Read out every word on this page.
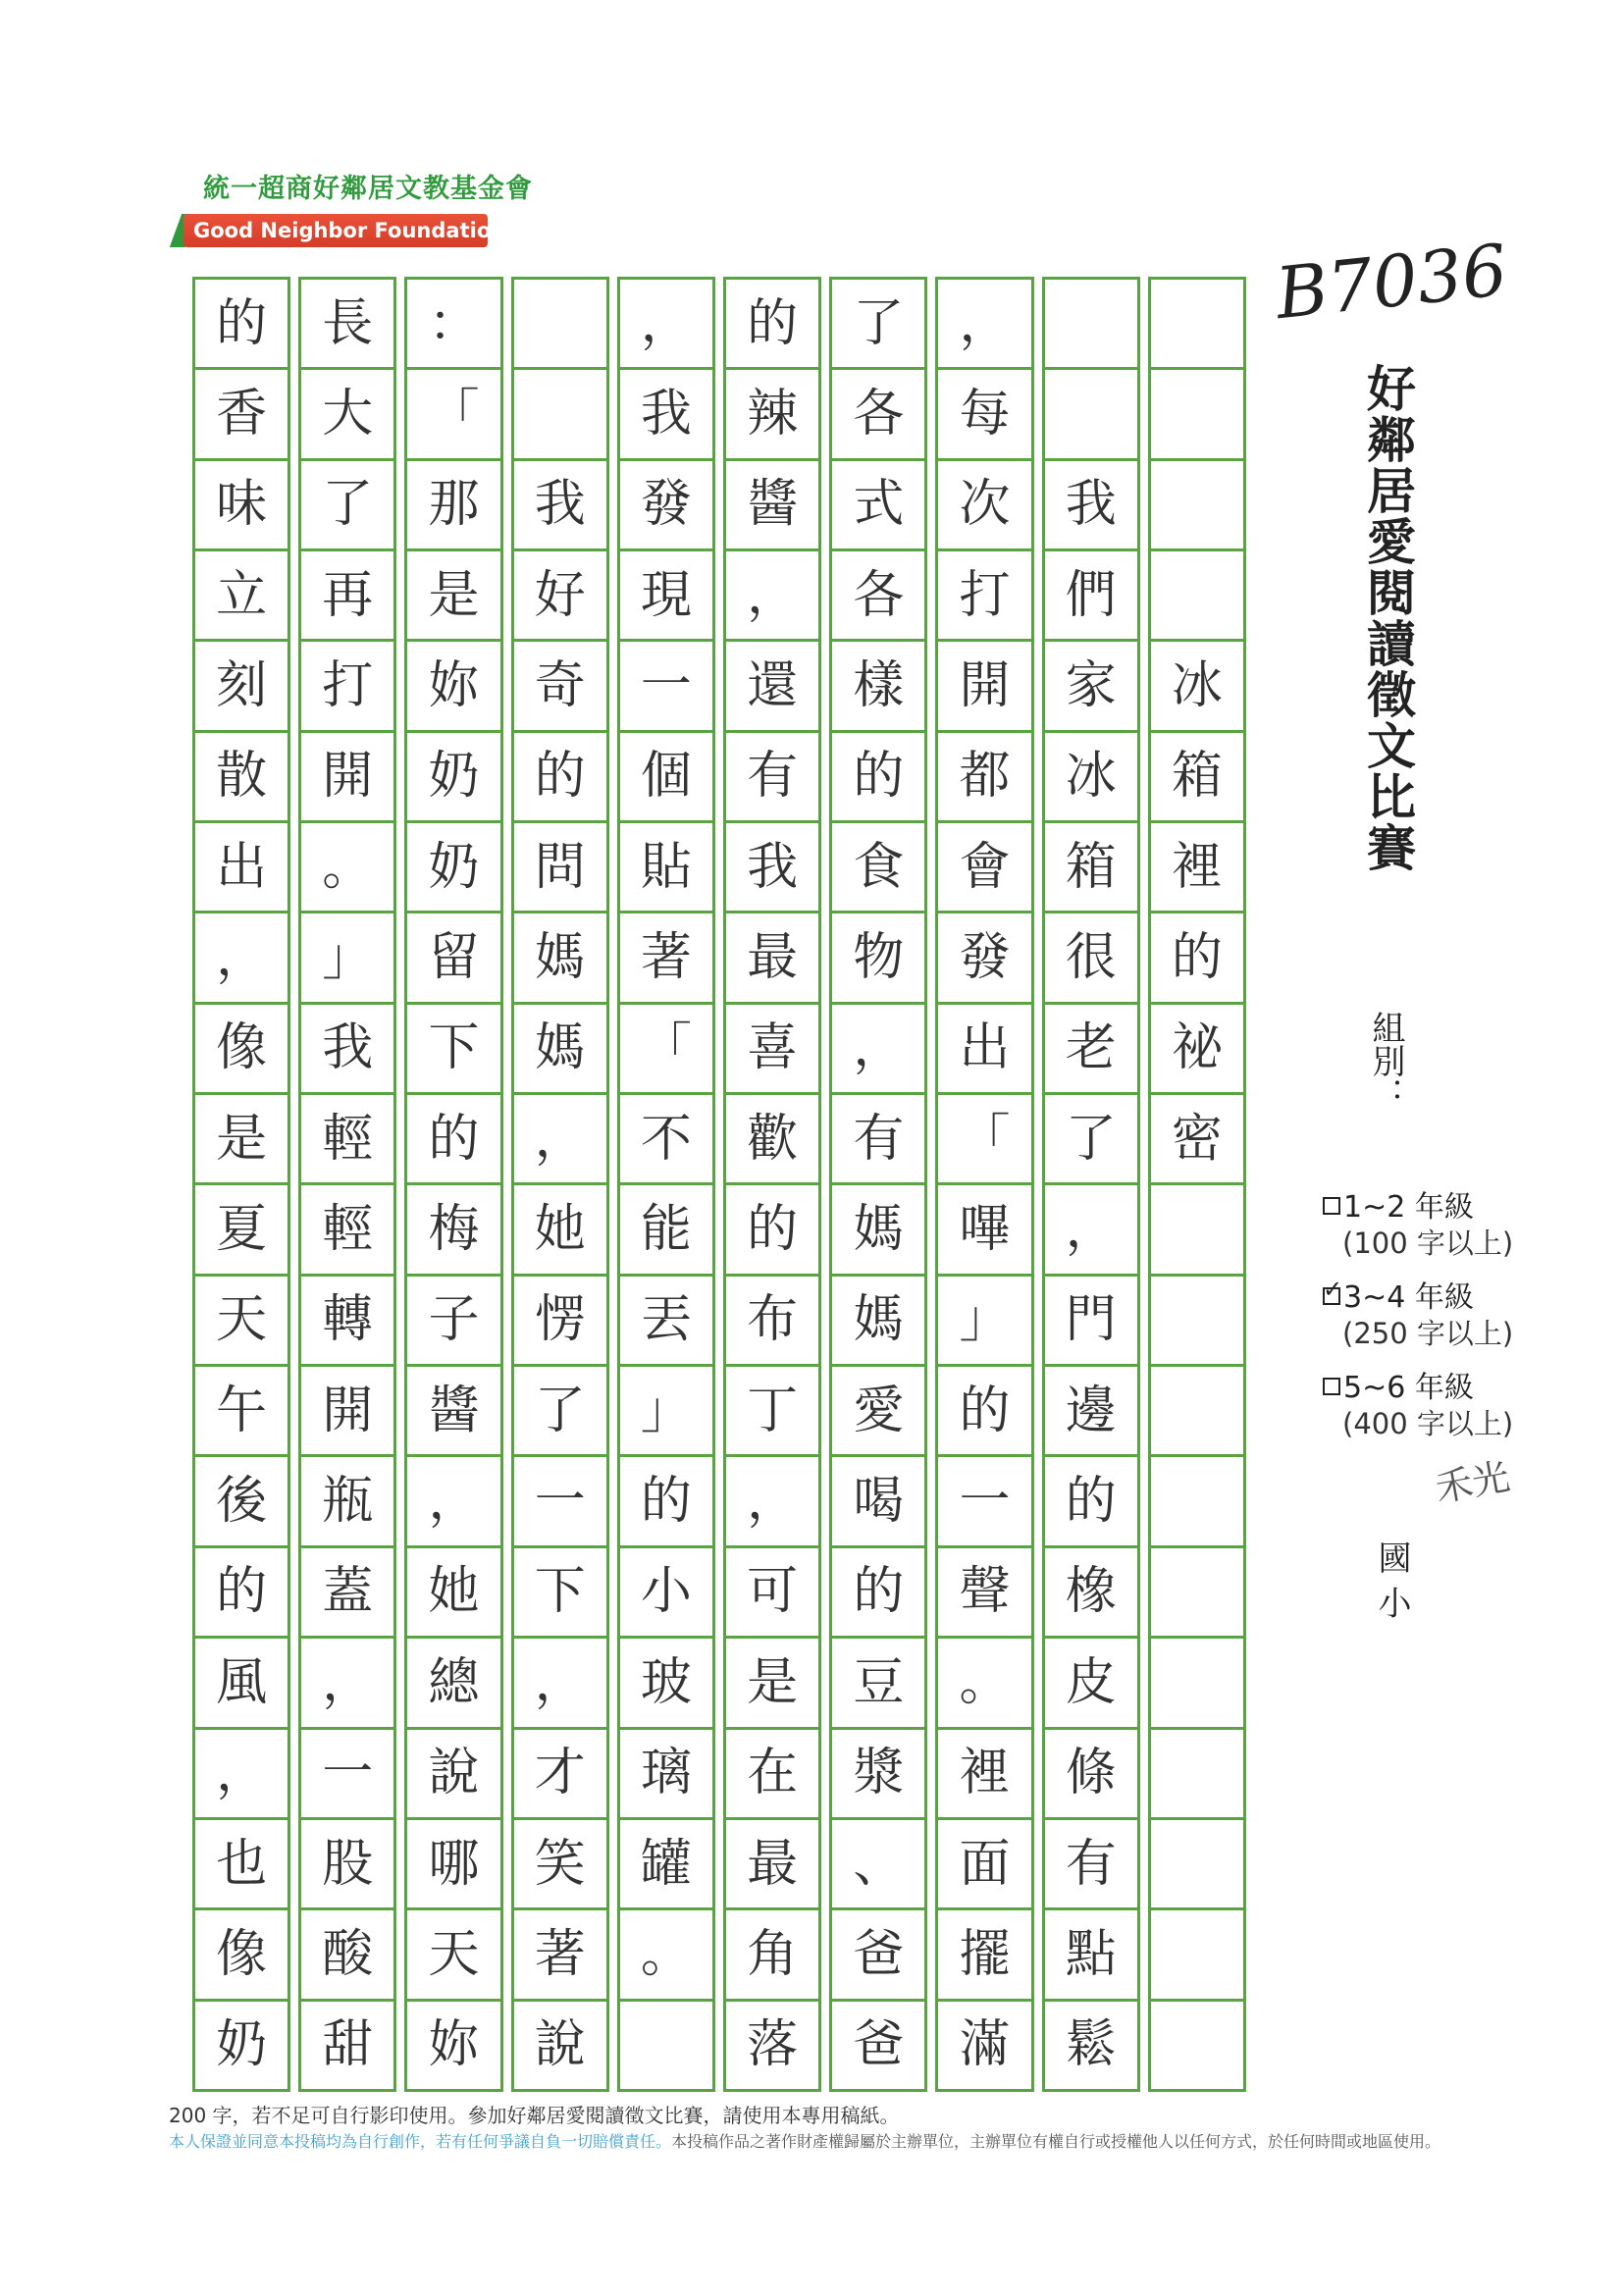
統一超商好鄰居文教基金會
Good Neighbor Foundation
的
香
味
立
刻
散
出
，
像
是
夏
天
午
後
的
風
，
也
像
奶
長
大
了
再
打
開
。
」
我
輕
輕
轉
開
瓶
蓋
，
一
股
酸
甜
：
「
那
是
妳
奶
奶
留
下
的
梅
子
醬
，
她
總
說
哪
天
妳
我
好
奇
的
問
媽
媽
，
她
愣
了
一
下
，
才
笑
著
說
，
我
發
現
一
個
貼
著
「
不
能
丟
」
的
小
玻
璃
罐
。
的
辣
醬
，
還
有
我
最
喜
歡
的
布
丁
，
可
是
在
最
角
落
了
各
式
各
樣
的
食
物
，
有
媽
媽
愛
喝
的
豆
漿
、
爸
爸
，
每
次
打
開
都
會
發
出
「
嗶
」
的
一
聲
。
裡
面
擺
滿
我
們
家
冰
箱
很
老
了
，
門
邊
的
橡
皮
條
有
點
鬆
冰
箱
裡
的
祕
密
B7036
好鄰居愛閱讀徵文比賽
組別：
1~2 年級
(100 字以上)
✓3~4 年級
(250 字以上)
5~6 年級
(400 字以上)
禾光
國小
200 字，若不足可自行影印使用。參加好鄰居愛閱讀徵文比賽，請使用本專用稿紙。
本人保證並同意本投稿均為自行創作，若有任何爭議自負一切賠償責任。本投稿作品之著作財產權歸屬於主辦單位，主辦單位有權自行或授權他人以任何方式，於任何時間或地區使用。
